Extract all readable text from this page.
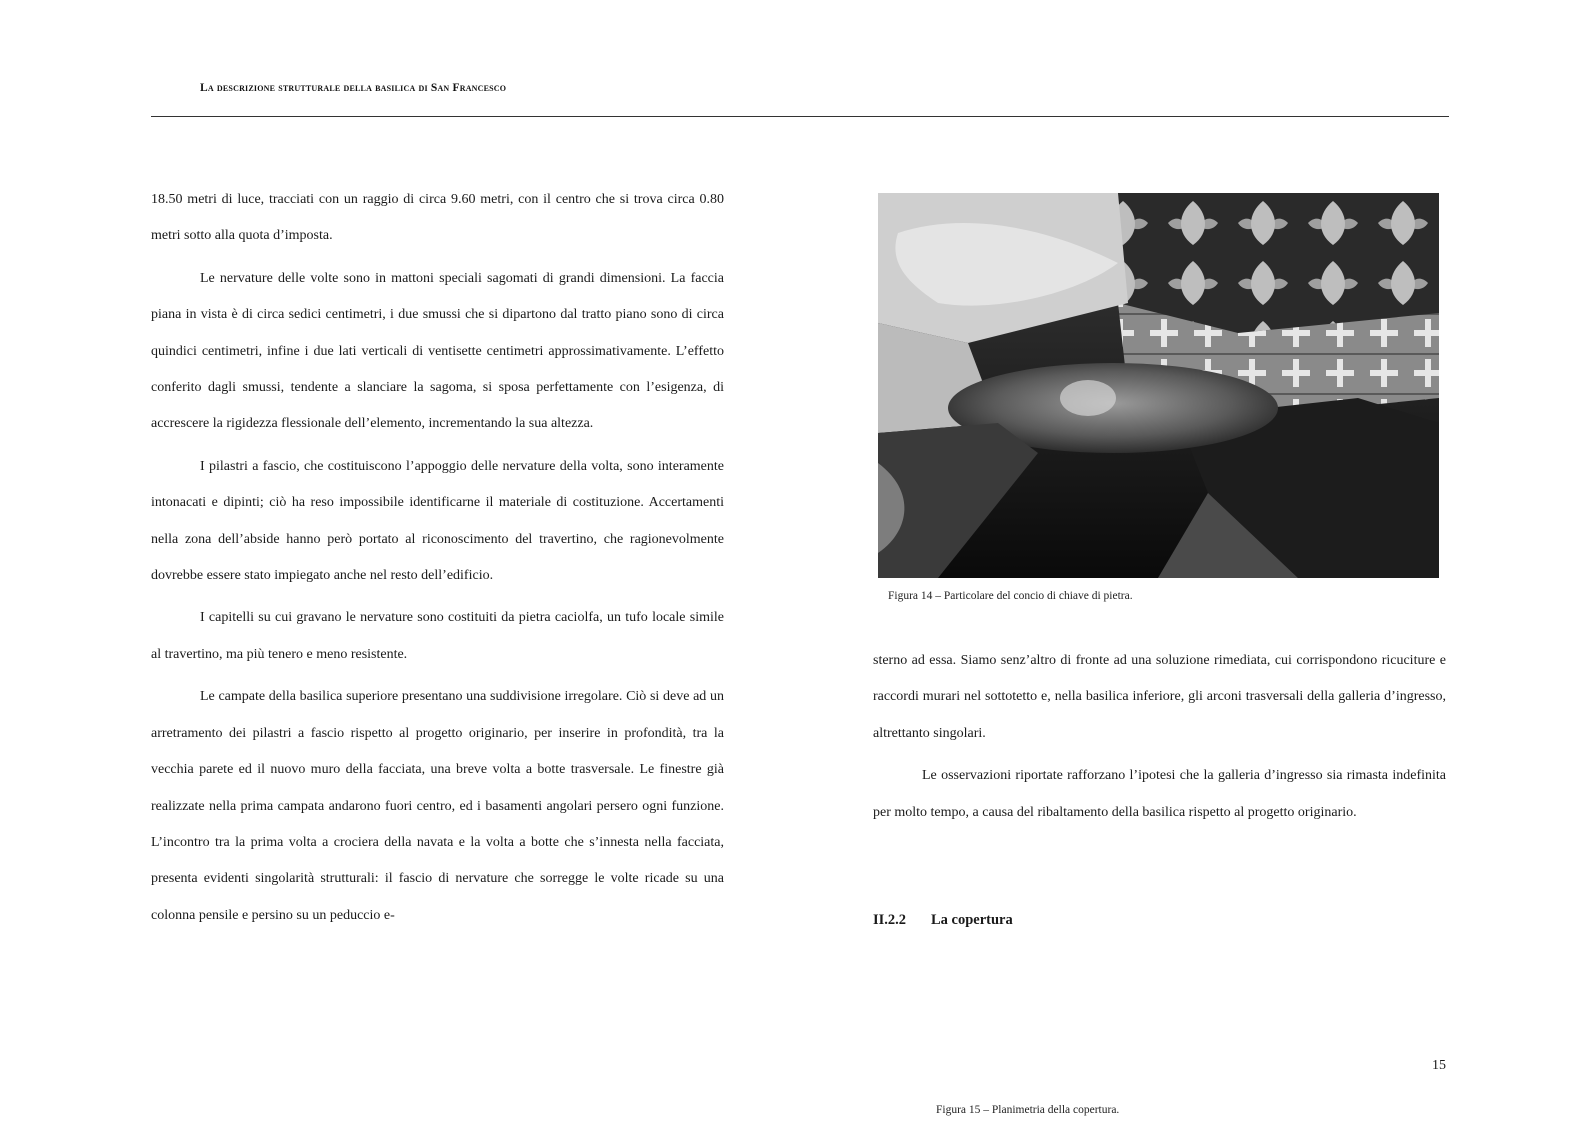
La descrizione strutturale della basilica di San Francesco

18.50 metri di luce, tracciati con un raggio di circa 9.60 metri, con il centro che si trova circa 0.80 metri sotto alla quota d’imposta.

Le nervature delle volte sono in mattoni speciali sagomati di grandi dimensioni. La faccia piana in vista è di circa sedici centimetri, i due smussi che si dipartono dal tratto piano sono di circa quindici centimetri, infine i due lati verticali di ventisette centimetri approssimativamente. L’effetto conferito dagli smussi, tendente a slanciare la sagoma, si sposa perfettamente con l’esigenza, di accrescere la rigidezza flessionale dell’elemento, incrementando la sua altezza.

I pilastri a fascio, che costituiscono l’appoggio delle nervature della volta, sono interamente intonacati e dipinti; ciò ha reso impossibile identificarne il materiale di costituzione. Accertamenti nella zona dell’abside hanno però portato al riconoscimento del travertino, che ragionevolmente dovrebbe essere stato impiegato anche nel resto dell’edificio.

I capitelli su cui gravano le nervature sono costituiti da pietra caciolfa, un tufo locale simile al travertino, ma più tenero e meno resistente.

Le campate della basilica superiore presentano una suddivisione irregolare. Ciò si deve ad un arretramento dei pilastri a fascio rispetto al progetto originario, per inserire in profondità, tra la vecchia parete ed il nuovo muro della facciata, una breve volta a botte trasversale. Le finestre già realizzate nella prima campata andarono fuori centro, ed i basamenti angolari persero ogni funzione. L’incontro tra la prima volta a crociera della navata e la volta a botte che s’innesta nella facciata, presenta evidenti singolarità strutturali: il fascio di nervature che sorregge le volte ricade su una colonna pensile e persino su un peduccio e-

Figura 14 – Particolare del concio di chiave di pietra.

sterno ad essa. Siamo senz’altro di fronte ad una soluzione rimediata, cui corrispondono ricuciture e raccordi murari nel sottotetto e, nella basilica inferiore, gli arconi trasversali della galleria d’ingresso, altrettanto singolari.

Le osservazioni riportate rafforzano l’ipotesi che la galleria d’ingresso sia rimasta indefinita per molto tempo, a causa del ribaltamento della basilica rispetto al progetto originario.

II.2.2 La copertura
15
Figura 15 – Planimetria della copertura.
